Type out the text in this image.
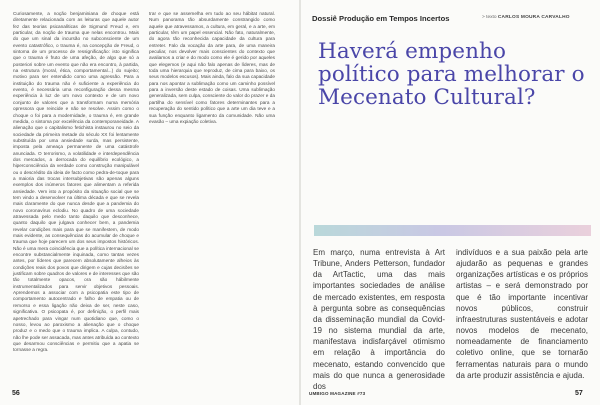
Curiosamente, a noção benjaminiana de choque está diretamente relacionada com as leituras que aquele autor fez das teorias psicanalíticas de Sigmund Freud e, em particular, da noção de trauma que nelas encontrou. Mais do que um sinal da incursão no subconsciente de um evento catastrófico, o trauma é, na concepção de Freud, o sintoma de um processo de ressignificação: isto significa que o trauma é fruto de uma afeção, de algo que só a posteriori sobre um evento que não era encontro, à partida, na estrutura (moral, ética, comportamental...) do sujeito; motivo para ser entendido como uma agressão. Para a instituição do trauma não é suficiente a experiência do evento, é necessária uma reconfiguração dessa mesma experiência à luz de um novo contexto e de um novo conjunto de valores que a transformam numa memória opressora que reincide e não se resolve. Assim como o choque o foi para a modernidade, o trauma é, em grande medida, o sintoma por excelência da contemporaneidade. A alienação que o capitalismo fetichista instaurou no seio da sociedade da primeira metade do século XX foi lentamente substituída por uma ansiedade surda, mas persistente, imposta pela ameaça permanente de uma catástrofe anunciada. O terrorismo, a volatilidade e interdependência dos mercados, a derrocada do equilíbrio ecológico, a hiperconsciência da verdade como construção manipulável ou o descrédito da ideia de facto como pedra-de-toque para a maioria das trocas intersubjetivas são apenas alguns exemplos dos inúmeros fatores que alimentam a referida ansiedade. Vem isto a propósito da situação social que se tem vindo a desenvolver na última década e que se revela mais claramente do que nunca desde que a pandemia do novo coronavírus eclodiu. No quadro de uma sociedade atravessada pelo medo tanto daquilo que desconhece, quanto daquilo que julgava conhecer bem, a pandemia revelar condições mais para que se manifestem, de modo mais evidente, as consequências do acumular de choque e trauma que hoje parecem um dos seus impostos históricos. Não é uma mera coincidência que a política internacional se encontre substancialmente inquinada, como tantas vezes antes, por líderes que parecem absolutamente alheios às condições reais dos povos que dirigem e cujas decisões se justificam sobre quadros de valores e de interesses que são tão totalmente opacos, ora são hábilmente instrumentalizados para servir objetivos pessoais. Aprendemos a associar com a psicopatia este tipo de comportamento autocentrado e falho de empatia ou de remorso e essa ligação não deixa de ser, neste caso, significativa. O psicopata é, por definição, o perfil mais apetrechado para vingar num quotidiano que, como o nosso, levou ao paroxismo a alienação que o choque produz e o medo que o trauma implica. A culpa, contudo, não lhe pode ser assacada, mas antes atribuída ao contexto que desarmou consciências e permitiu que a apatia se tornasse a regra.
trar e que se assemelha em tudo ao seu hábitat natural. Num panorama tão absurdamente constrangido como aquele que atravessamos, a cultura, em geral, e a arte, em particular, têm um papel essencial. Não fato, naturalmente, do agora tão reconhecida capacidade da cultura para entreter. Falo da vocação da arte para, de uma maneira peculiar, nos devolver mais conscientes do contexto que avaliamos a criar e do modo como ele é gerido por aqueles que elegemos (e aqui não falo apenas de líderes, mas de toda uma hierarquia que reproduz, de cima para baixo, os seus modelos escusos). Mais ainda, falo da sua capacidade para nos apontar a sublimação como um caminho possível para a inversão deste estado de coisas. Uma sublimação generalizada, sem culpa, consciente do valor do prazer e da partilha do sensível como fatores determinantes para a recuperação do sentido político que a arte um dia teve e a sua função enquanto ligamento da comunidade. Não uma evasão – uma expiação coletiva.
56
Dossiê Produção em Tempos Incertos	> texto CARLOS MOURA CARVALHO
Haverá empenho político para melhorar o Mecenato Cultural?
Em março, numa entrevista à Art Tribune, Anders Petterson, fundador da ArtTactic, uma das mais importantes sociedades de análise de mercado existentes, em resposta à pergunta sobre as consequências da disseminação mundial da Covid-19 no sistema mundial da arte, manifestava indisfarçável otimismo em relação à importância do mecenato, estando convencido que mais do que nunca a generosidade dos
indivíduos e a sua paixão pela arte ajudarão as pequenas e grandes organizações artísticas e os próprios artistas – e será demonstrado por que é tão importante incentivar novos públicos, construir infraestruturas sustentáveis e adotar novos modelos de mecenato, nomeadamente de financiamento coletivo online, que se tornarão ferramentas naturais para o mundo da arte produzir assistência e ajuda.
UMBIGO MAGAZINE #73	57
